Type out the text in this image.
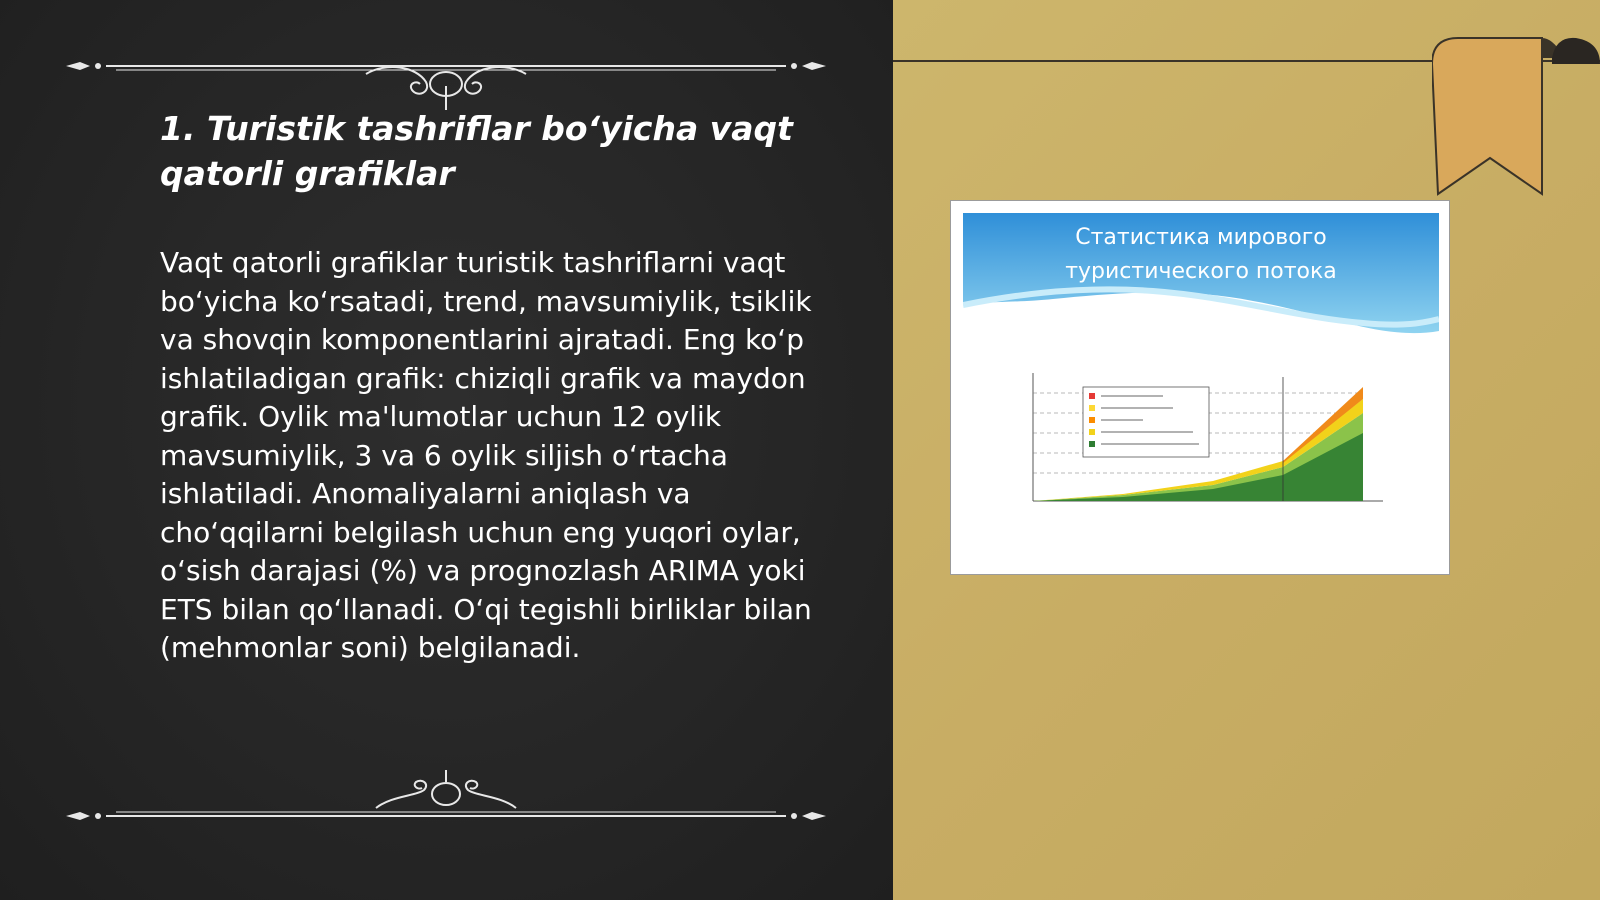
1. Turistik tashriflar bo‘yicha vaqt qatorli grafiklar

Vaqt qatorli grafiklar turistik tashriflarni vaqt bo‘yicha ko‘rsatadi, trend, mavsumiylik, tsiklik va shovqin komponentlarini ajratadi. Eng ko‘p ishlatiladigan grafik: chiziqli grafik va maydon grafik. Oylik ma'lumotlar uchun 12 oylik mavsumiylik, 3 va 6 oylik siljish o‘rtacha ishlatiladi. Anomaliyalarni aniqlash va cho‘qqilarni belgilash uchun eng yuqori oylar, o‘sish darajasi (%) va prognozlash ARIMA yoki ETS bilan qo‘llanadi. O‘qi tegishli birliklar bilan (mehmonlar soni) belgilanadi.

Статистика мирового
туристического потока
